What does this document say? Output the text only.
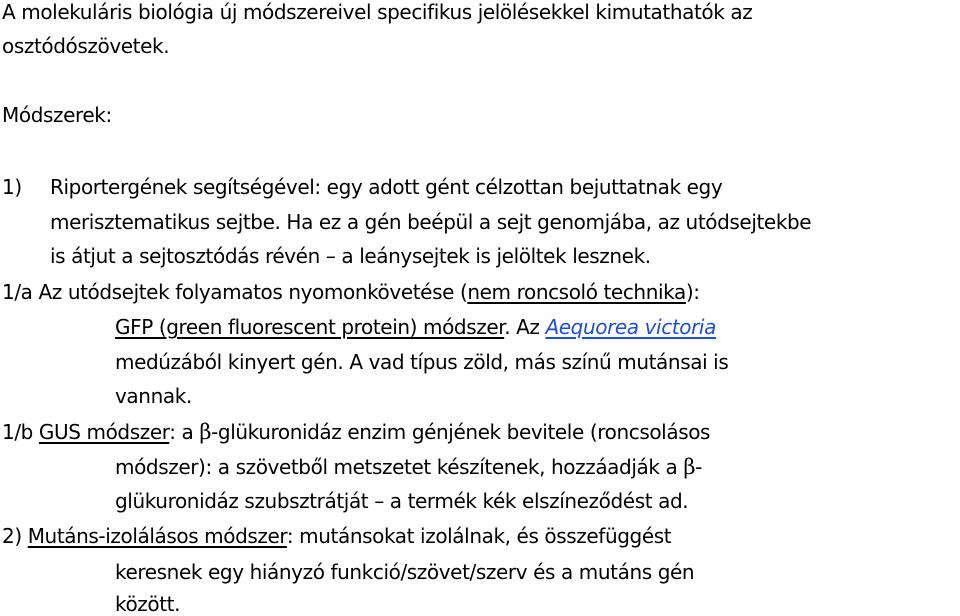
A molekuláris biológia új módszereivel specifikus jelölésekkel kimutathatók az
osztódószövetek.
Módszerek:
1) Riportergének segítségével: egy adott gént célzottan bejuttatnak egy
merisztematikus sejtbe. Ha ez a gén beépül a sejt genomjába, az utódsejtekbe
is átjut a sejtosztódás révén – a leánysejtek is jelöltek lesznek.
1/a Az utódsejtek folyamatos nyomonkövetése (nem roncsoló technika):
GFP (green fluorescent protein) módszer. Az Aequorea victoria
medúzából kinyert gén. A vad típus zöld, más színű mutánsai is
vannak.
1/b GUS módszer: a β-glükuronidáz enzim génjének bevitele (roncsolásos
módszer): a szövetből metszetet készítenek, hozzáadják a β-
glükuronidáz szubsztrátját – a termék kék elszíneződést ad.
2) Mutáns-izolálásos módszer: mutánsokat izolálnak, és összefüggést
keresnek egy hiányzó funkció/szövet/szerv és a mutáns gén
között.
